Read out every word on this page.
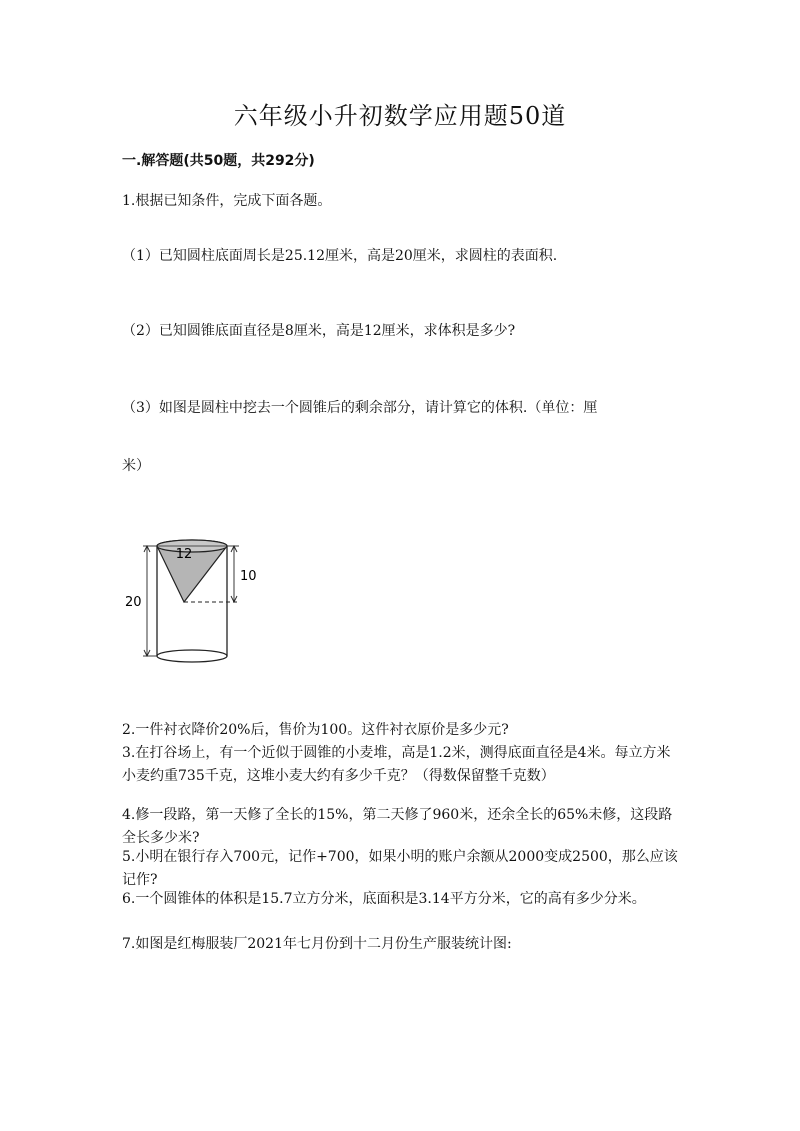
六年级小升初数学应用题50道
一.解答题(共50题，共292分)
1.根据已知条件，完成下面各题。
（1）已知圆柱底面周长是25.12厘米，高是20厘米，求圆柱的表面积.
（2）已知圆锥底面直径是8厘米，高是12厘米，求体积是多少?
（3）如图是圆柱中挖去一个圆锥后的剩余部分，请计算它的体积.（单位：厘
米）
12
10
20
2.一件衬衣降价20%后，售价为100。这件衬衣原价是多少元?
3.在打谷场上，有一个近似于圆锥的小麦堆，高是1.2米，测得底面直径是4米。每立方米小麦约重735千克，这堆小麦大约有多少千克？（得数保留整千克数）
4.修一段路，第一天修了全长的15%，第二天修了960米，还余全长的65%未修，这段路全长多少米?
5.小明在银行存入700元，记作+700，如果小明的账户余额从2000变成2500，那么应该记作?
6.一个圆锥体的体积是15.7立方分米，底面积是3.14平方分米，它的高有多少分米。
7.如图是红梅服装厂2021年七月份到十二月份生产服装统计图:
